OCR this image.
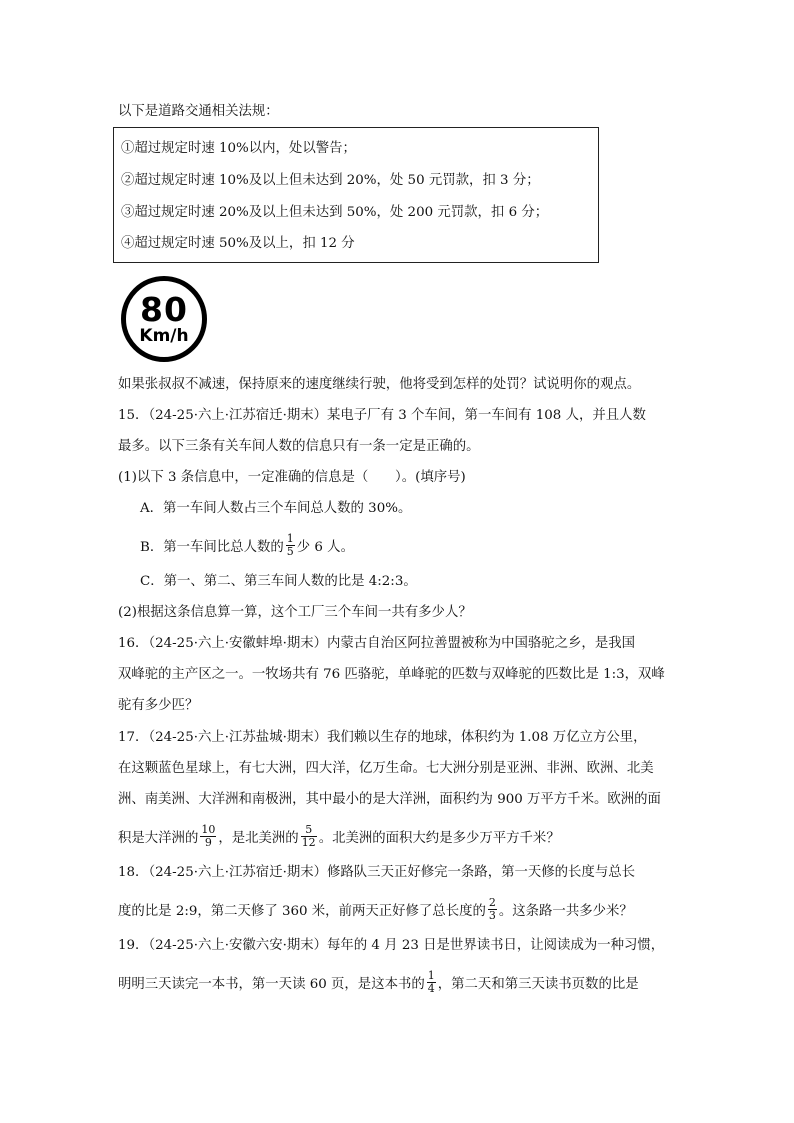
以下是道路交通相关法规：
①超过规定时速 10%以内，处以警告；
②超过规定时速 10%及以上但未达到 20%，处 50 元罚款，扣 3 分；
③超过规定时速 20%及以上但未达到 50%，处 200 元罚款，扣 6 分；
④超过规定时速 50%及以上，扣 12 分
80
Km/h
如果张叔叔不减速，保持原来的速度继续行驶，他将受到怎样的处罚？试说明你的观点。
15．（24-25·六上·江苏宿迁·期末）某电子厂有 3 个车间，第一车间有 108 人，并且人数
最多。以下三条有关车间人数的信息只有一条一定是正确的。
(1)以下 3 条信息中，一定准确的信息是（　　）。(填序号)
A．第一车间人数占三个车间总人数的 30%。
B．第一车间比总人数的 $\frac{1}{5}$ 少 6 人。
C．第一、第二、第三车间人数的比是 4:2:3。
(2)根据这条信息算一算，这个工厂三个车间一共有多少人？
16．（24-25·六上·安徽蚌埠·期末）内蒙古自治区阿拉善盟被称为中国骆驼之乡，是我国
双峰驼的主产区之一。一牧场共有 76 匹骆驼，单峰驼的匹数与双峰驼的匹数比是 1:3，双峰
驼有多少匹？
17．（24-25·六上·江苏盐城·期末）我们赖以生存的地球，体积约为 1.08 万亿立方公里，
在这颗蓝色星球上，有七大洲，四大洋，亿万生命。七大洲分别是亚洲、非洲、欧洲、北美
洲、南美洲、大洋洲和南极洲，其中最小的是大洋洲，面积约为 900 万平方千米。欧洲的面
积是大洋洲的 $\frac{10}{9}$ ，是北美洲的 $\frac{5}{12}$ 。北美洲的面积大约是多少万平方千米？
18．（24-25·六上·江苏宿迁·期末）修路队三天正好修完一条路，第一天修的长度与总长
度的比是 2:9，第二天修了 360 米，前两天正好修了总长度的 $\frac{2}{3}$ 。这条路一共多少米？
19．（24-25·六上·安徽六安·期末）每年的 4 月 23 日是世界读书日，让阅读成为一种习惯，
明明三天读完一本书，第一天读 60 页，是这本书的 $\frac{1}{4}$ ，第二天和第三天读书页数的比是
